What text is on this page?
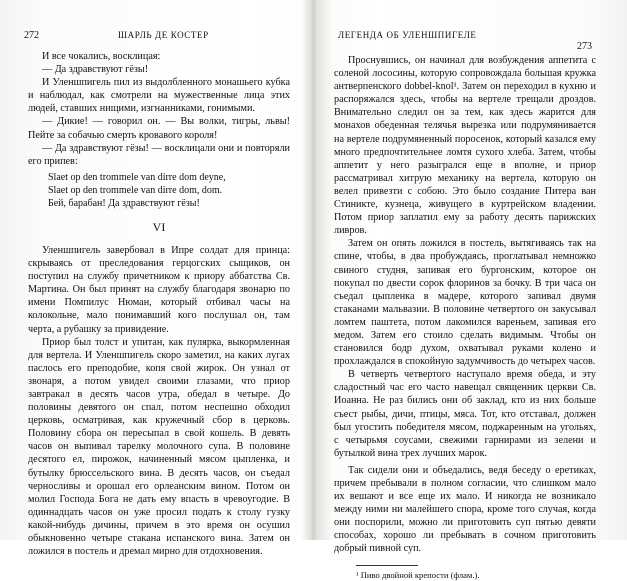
272	ШАРЛЬ ДЕ КОСТЕР

И все чокались, восклицая:

— Да здравствуют гёзы!

И Уленшпигель пил из выдолбленного монашьего кубка и наблюдал, как смотрели на мужественные лица этих людей, ставших нищими, изгнанниками, гонимыми.

— Дикие! — говорил он. — Вы волки, тигры, львы! Пейте за собачью смерть кровавого короля!

— Да здравствуют гёзы! — восклицали они и повторяли его припев:

Slaet op den trommele van dirre dom deyne,
Slaet op den trommele van dirre dom, dom.
Бей, барабан! Да здравствуют гёзы!
VI

Уленшпигель завербовал в Ипре солдат для принца: скрываясь от преследования герцогских сыщиков, он поступил на службу причетником к приору аббатства Св. Мартина. Он был принят на службу благодаря звонарю по имени Помпилус Нюман, который отбивал часы на колокольне, мало понимавший кого послушал он, там черта, а рубашку за привидение.

Приор был толст и упитан, как пулярка, выкормленная для вертела. И Уленшпигель скоро заметил, на каких лугах паслось его преподобие, копя свой жирок. Он узнал от звонаря, а потом увидел своими глазами, что приор завтракал в десять часов утра, обедал в четыре. До половины девятого он спал, потом неспешно обходил церковь, осматривая, как кружечный сбор в церковь. Половину сбора он пересыпал в свой кошель. В девять часов он выпивал тарелку молочного супа. В половине десятого ел, пирожок, начиненный мясом цыпленка, и бутылку брюссельского вина. В десять часов, он съедал черносливы и орошал его орлеанским вином. Потом он молил Господа Бога не дать ему впасть в чревоугодие. В одиннадцать часов он уже просил подать к столу гузку какой-нибудь дичины, причем в это время он осушил обыкновенно четыре стакана испанского вина. Затем он ложился в постель и дремал мирно для отдохновения.

ЛЕГЕНДА ОБ УЛЕНШПИГЕЛЕ
273

Проснувшись, он начинал для возбуждения аппетита с соленой лососины, которую сопровождала большая кружка антверпенского dobbel-knol¹. Затем он переходил в кухню и распоряжался здесь, чтобы на вертеле трещали дроздов. Внимательно следил он за тем, как здесь жарится для монахов обеденная телячья вырезка или подрумянивается на вертеле подрумяненный поросенок, который казался ему много предпочтительнее ломтя сухого хлеба. Затем, чтобы аппетит у него разыгрался еще в вполне, и приор рассматривал хитрую механику на вертела, которую он велел привезти с собою. Это было создание Питера ван Стиникте, кузнеца, живущего в куртрейском владении. Потом приор заплатил ему за работу десять парижских ливров.

Затем он опять ложился в постель, вытягиваясь так на спине, чтобы, в два пробуждаясь, проглатывал немножко свиного студня, запивая его бургонским, которое он покупал по двести сорок флоринов за бочку. В три часа он съедал цыпленка в мадере, которого запивал двумя стаканами мальвазии. В половине четвертого он закусывал ломтем паштета, потом лакомился вареньем, запивая его медом. Затем его стоило сделать видимым. Чтобы он становился бодр духом, охватывал руками колено и прохлаждался в спокойную задумчивость до четырех часов.

В четверть четвертого наступало время обеда, и эту сладостный час его часто навещал священник церкви Св. Иоанна. Не раз бились они об заклад, кто из них больше съест рыбы, дичи, птицы, мяса. Тот, кто отставал, должен был угостить победителя мясом, поджаренным на угольях, с четырьмя соусами, свежими гарнирами из зелени и бутылкой вина трех лучших марок.

Так сидели они и объедались, ведя беседу о еретиках, причем пребывали в полном согласии, что слишком мало их вешают и все еще их мало. И никогда не возникало между ними ни малейшего спора, кроме того случая, когда они поспорили, можно ли приготовить суп пятью девяти способах, хорошо ли пребывать в сочном приготовить добрый пивной суп.

¹ Пиво двойной крепости (флам.).
